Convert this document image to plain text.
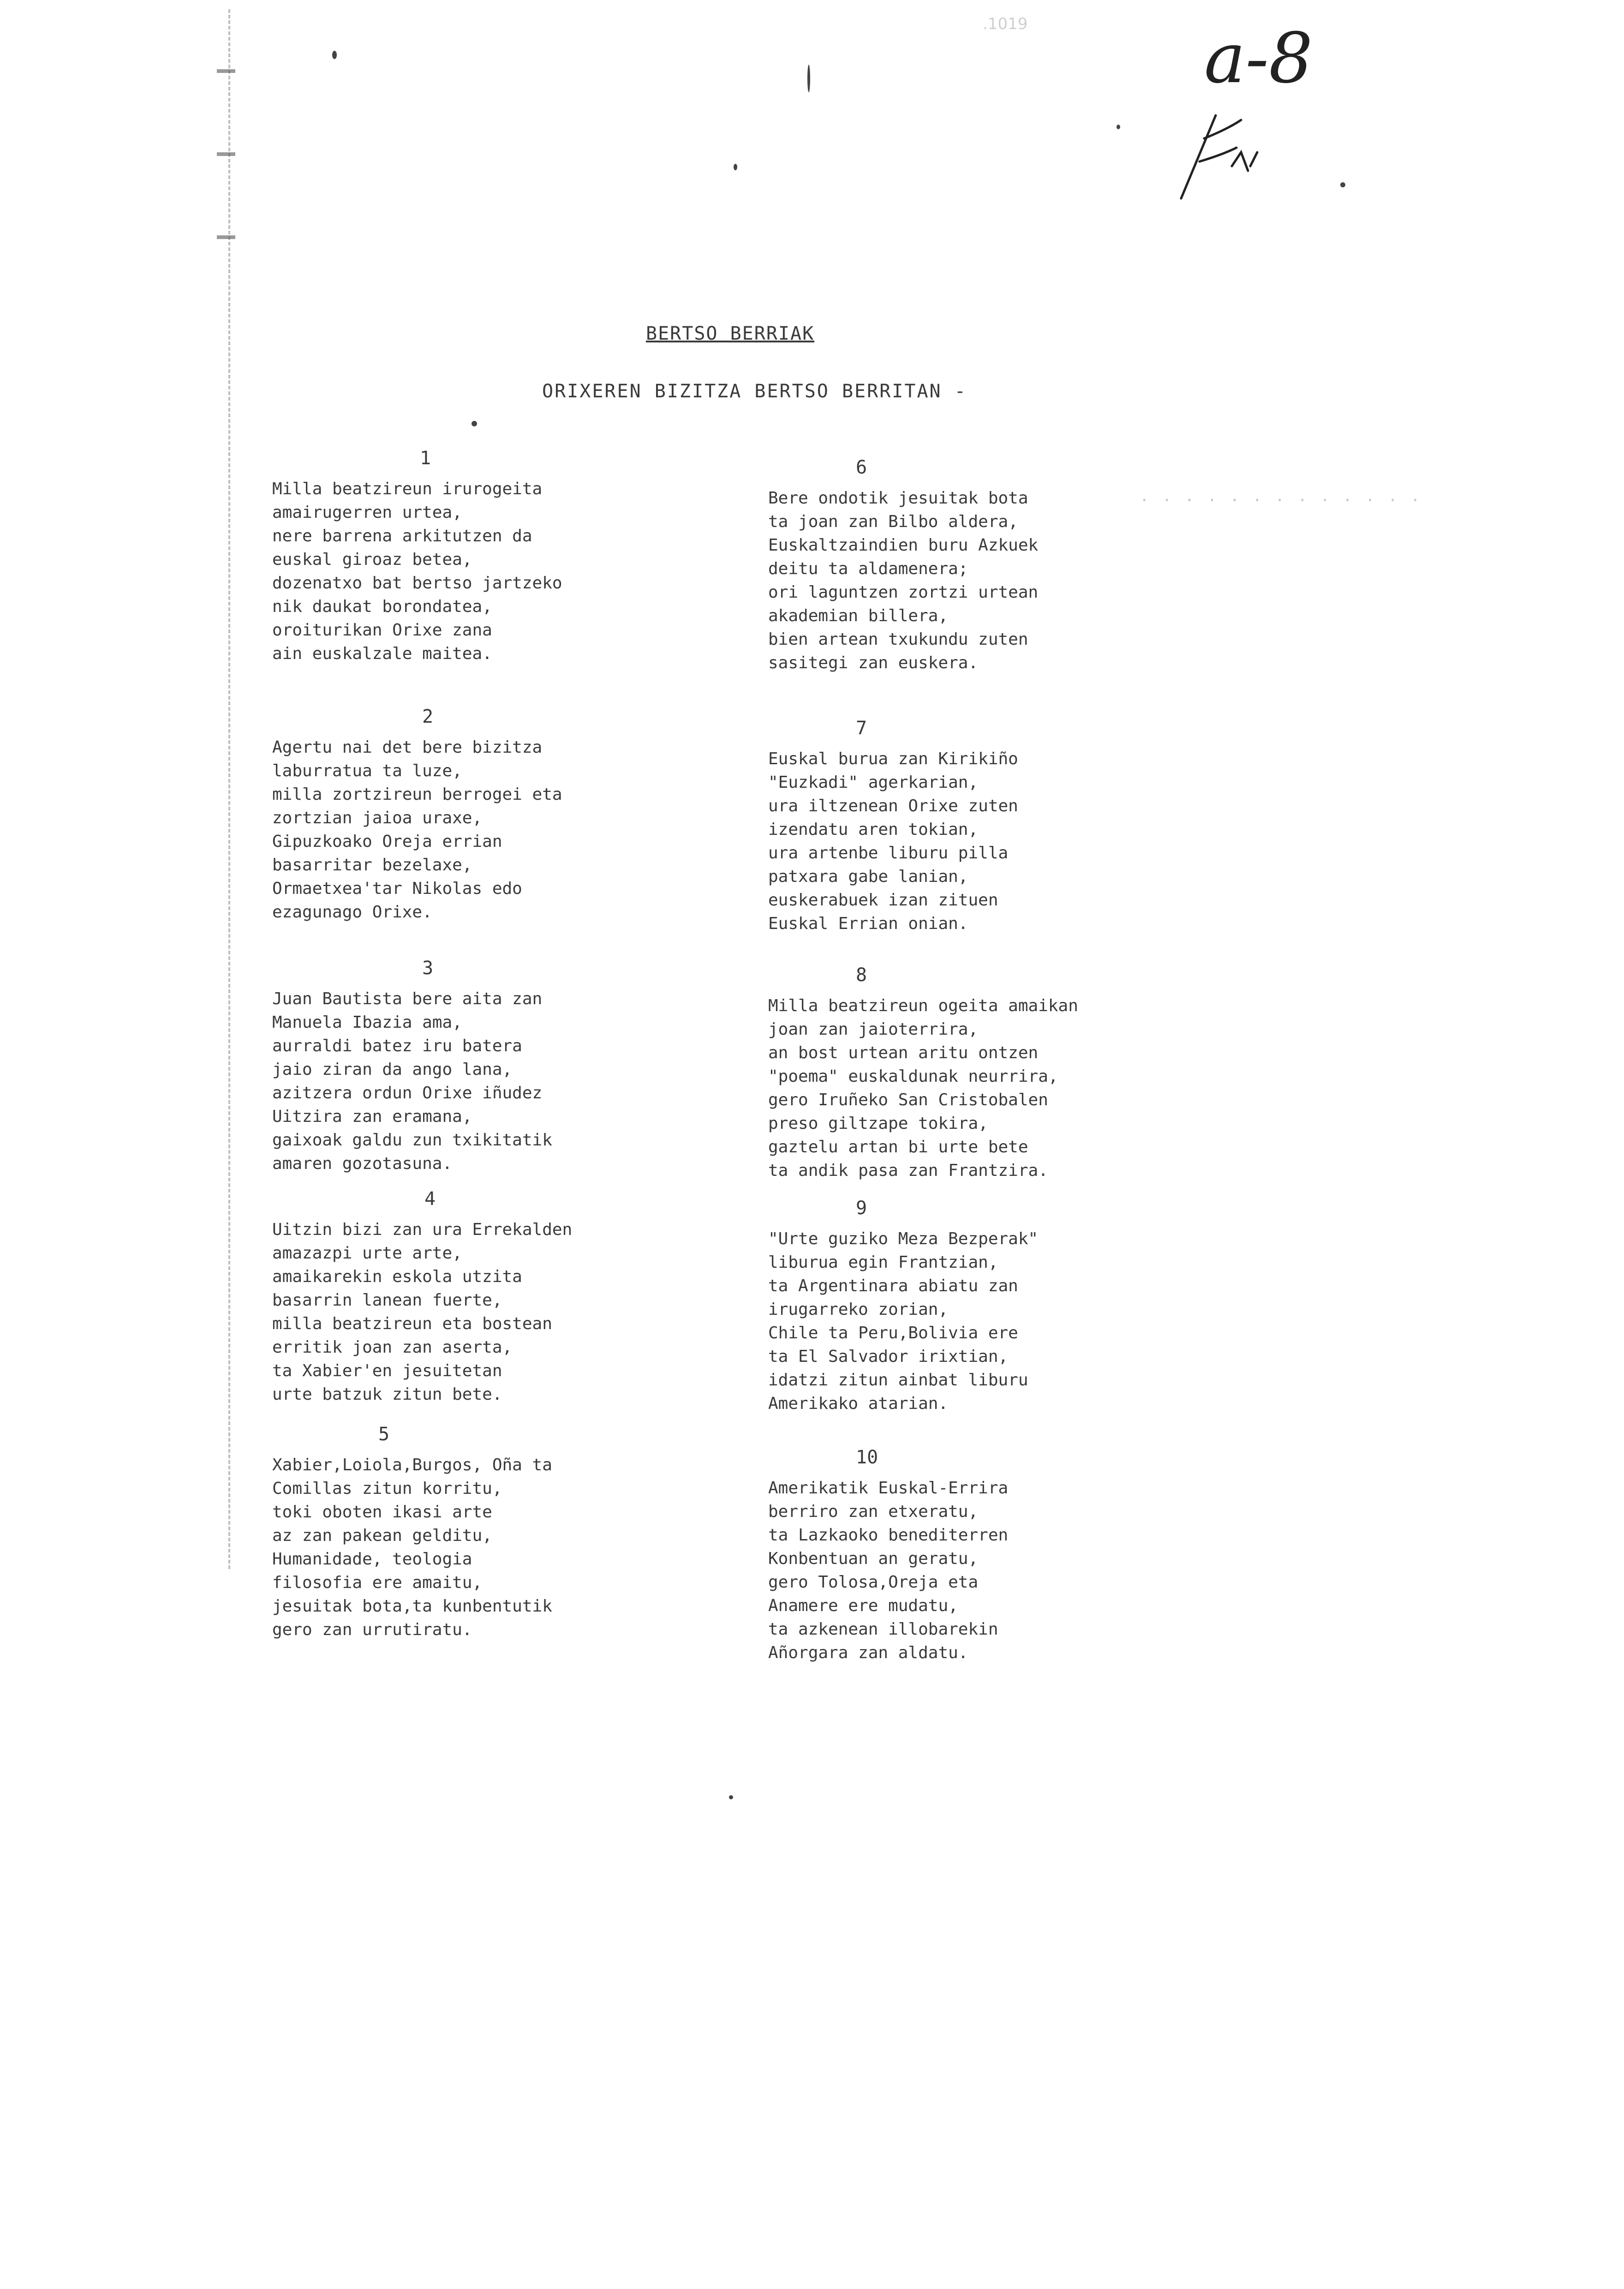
.1019
. . . . . . . . . . . . .
a-8
BERTSO BERRIAK
ORIXEREN BIZITZA BERTSO BERRITAN -
1
Milla beatzireun irurogeita
amairugerren urtea,
nere barrena arkitutzen da
euskal giroaz betea,
dozenatxo bat bertso jartzeko
nik daukat borondatea,
oroiturikan Orixe zana
ain euskalzale maitea.
2
Agertu nai det bere bizitza
laburratua ta luze,
milla zortzireun berrogei eta
zortzian jaioa uraxe,
Gipuzkoako Oreja errian
basarritar bezelaxe,
Ormaetxea'tar Nikolas edo
ezagunago Orixe.
3
Juan Bautista bere aita zan
Manuela Ibazia ama,
aurraldi batez iru batera
jaio ziran da ango lana,
azitzera ordun Orixe iñudez
Uitzira zan eramana,
gaixoak galdu zun txikitatik
amaren gozotasuna.
4
Uitzin bizi zan ura Errekalden
amazazpi urte arte,
amaikarekin eskola utzita
basarrin lanean fuerte,
milla beatzireun eta bostean
erritik joan zan aserta,
ta Xabier'en jesuitetan
urte batzuk zitun bete.
5
Xabier,Loiola,Burgos, Oña ta
Comillas zitun korritu,
toki oboten ikasi arte
az zan pakean gelditu,
Humanidade, teologia
filosofia ere amaitu,
jesuitak bota,ta kunbentutik
gero zan urrutiratu.
6
Bere ondotik jesuitak bota
ta joan zan Bilbo aldera,
Euskaltzaindien buru Azkuek
deitu ta aldamenera;
ori laguntzen zortzi urtean
akademian billera,
bien artean txukundu zuten
sasitegi zan euskera.
7
Euskal burua zan Kirikiño
"Euzkadi" agerkarian,
ura iltzenean Orixe zuten
izendatu aren tokian,
ura artenbe liburu pilla
patxara gabe lanian,
euskerabuek izan zituen
Euskal Errian onian.
8
Milla beatzireun ogeita amaikan
joan zan jaioterrira,
an bost urtean aritu ontzen
"poema" euskaldunak neurrira,
gero Iruñeko San Cristobalen
preso giltzape tokira,
gaztelu artan bi urte bete
ta andik pasa zan Frantzira.
9
"Urte guziko Meza Bezperak"
liburua egin Frantzian,
ta Argentinara abiatu zan
irugarreko zorian,
Chile ta Peru,Bolivia ere
ta El Salvador irixtian,
idatzi zitun ainbat liburu
Amerikako atarian.
10
Amerikatik Euskal-Errira
berriro zan etxeratu,
ta Lazkaoko benediterren
Konbentuan an geratu,
gero Tolosa,Oreja eta
Anamere ere mudatu,
ta azkenean illobarekin
Añorgara zan aldatu.
